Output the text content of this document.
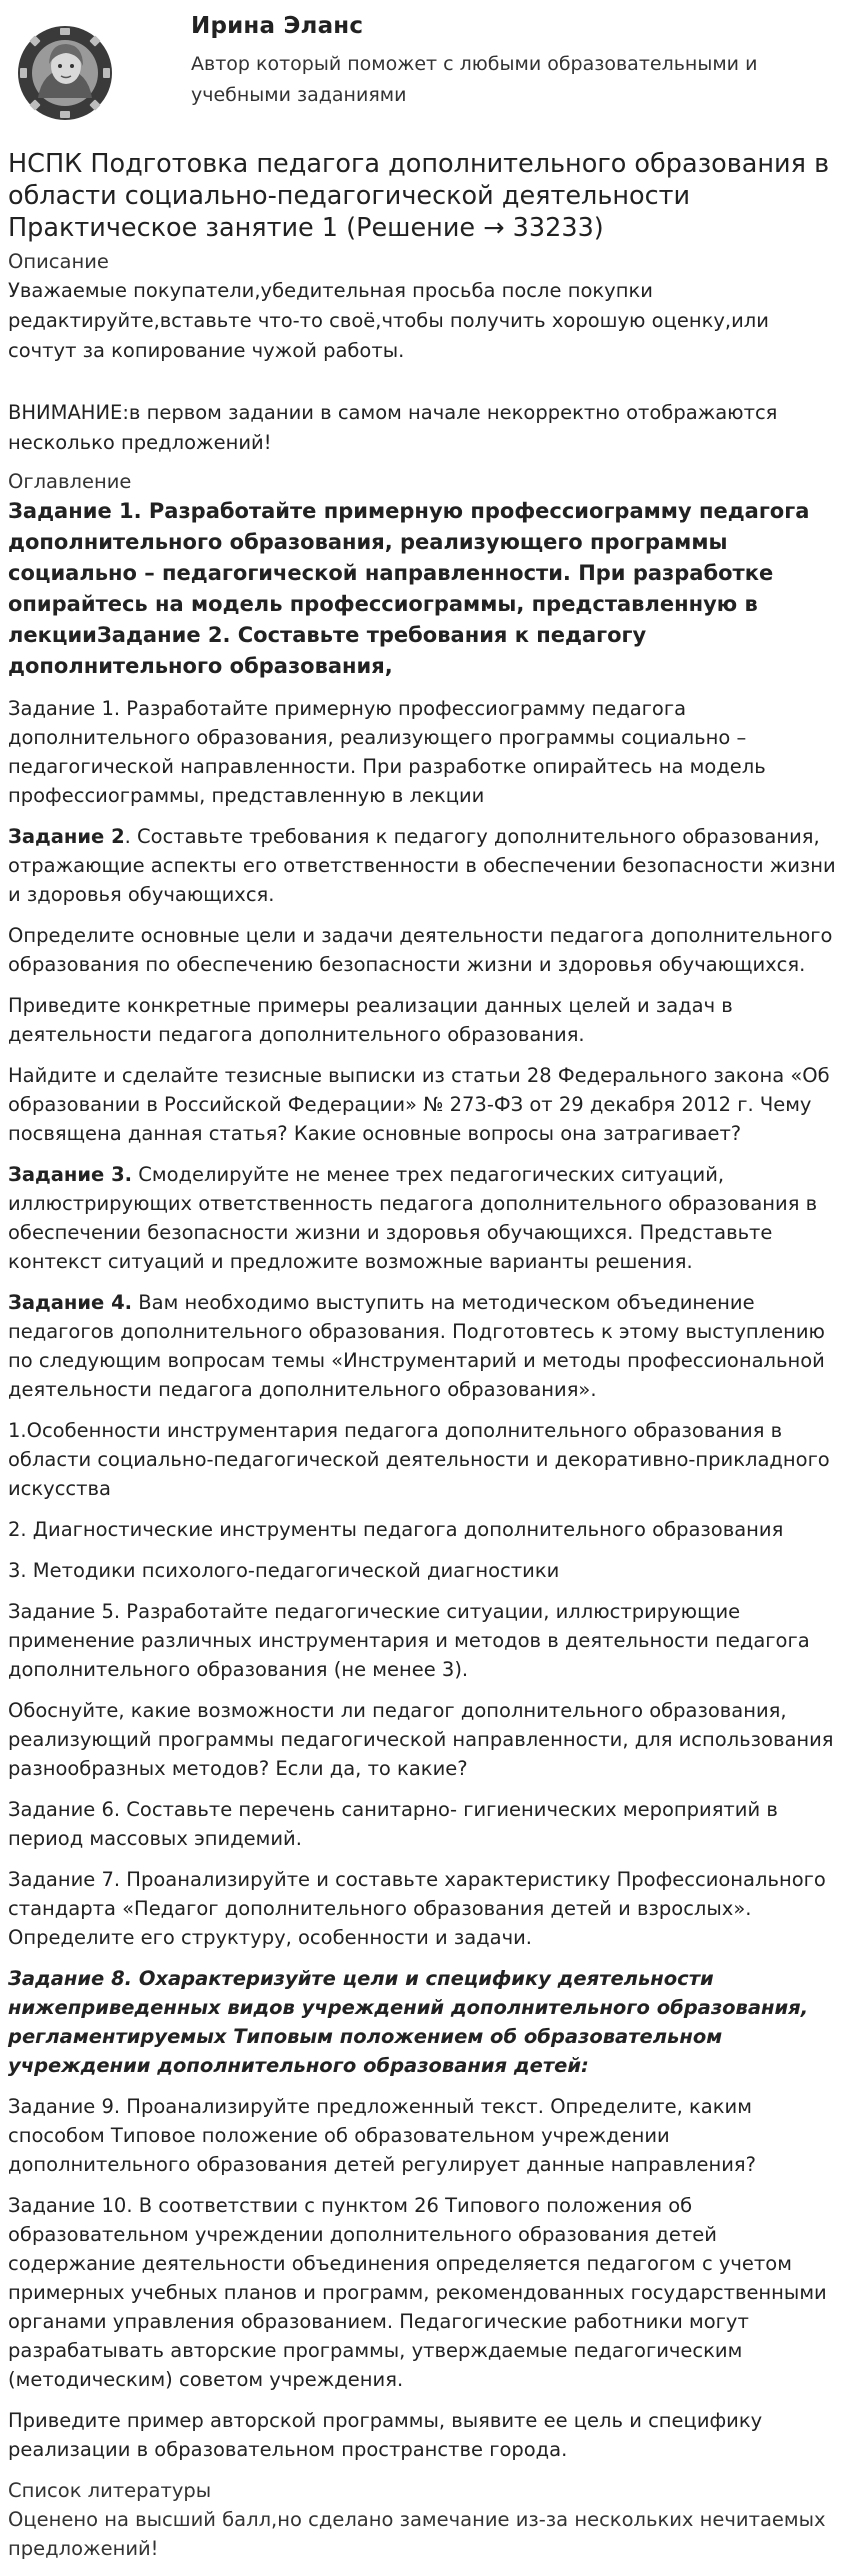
Ирина Эланс
Автор который поможет с любыми образовательными и учебными заданиями
НСПК Подготовка педагога дополнительного образования в области социально-педагогической деятельности Практическое занятие 1 (Решение → 33233)
Описание
Уважаемые покупатели,убедительная просьба после покупки редактируйте,вставьте что-то своё,чтобы получить хорошую оценку,или сочтут за копирование чужой работы.
ВНИМАНИЕ:в первом задании в самом начале некорректно отображаются несколько предложений!
Оглавление
Задание 1. Разработайте примерную профессиограмму педагога дополнительного образования, реализующего программы социально – педагогической направленности. При разработке опирайтесь на модель профессиограммы, представленную в лекцииЗадание 2. Составьте требования к педагогу дополнительного образования,

Задание 1. Разработайте примерную профессиограмму педагога дополнительного образования, реализующего программы социально – педагогической направленности. При разработке опирайтесь на модель профессиограммы, представленную в лекции

Задание 2. Составьте требования к педагогу дополнительного образования, отражающие аспекты его ответственности в обеспечении безопасности жизни и здоровья обучающихся.

Определите основные цели и задачи деятельности педагога дополнительного образования по обеспечению безопасности жизни и здоровья обучающихся.

Приведите конкретные примеры реализации данных целей и задач в деятельности педагога дополнительного образования.

Найдите и сделайте тезисные выписки из статьи 28 Федерального закона «Об образовании в Российской Федерации» № 273-ФЗ от 29 декабря 2012 г. Чему посвящена данная статья? Какие основные вопросы она затрагивает?

Задание 3. Смоделируйте не менее трех педагогических ситуаций, иллюстрирующих ответственность педагога дополнительного образования в обеспечении безопасности жизни и здоровья обучающихся. Представьте контекст ситуаций и предложите возможные варианты решения.

Задание 4. Вам необходимо выступить на методическом объединение педагогов дополнительного образования. Подготовтесь к этому выступлению по следующим вопросам темы «Инструментарий и методы профессиональной деятельности педагога дополнительного образования».

1.Особенности инструментария педагога дополнительного образования в области социально-педагогической деятельности и декоративно-прикладного искусства

2. Диагностические инструменты педагога дополнительного образования

3. Методики психолого-педагогической диагностики

Задание 5. Разработайте педагогические ситуации, иллюстрирующие применение различных инструментария и методов в деятельности педагога дополнительного образования (не менее 3).

Обоснуйте, какие возможности ли педагог дополнительного образования, реализующий программы педагогической направленности, для использования разнообразных методов? Если да, то какие?

Задание 6. Составьте перечень санитарно- гигиенических мероприятий в период массовых эпидемий.

Задание 7. Проанализируйте и составьте характеристику Профессионального стандарта «Педагог дополнительного образования детей и взрослых». Определите его структуру, особенности и задачи.

Задание 8. Охарактеризуйте цели и специфику деятельности нижеприведенных видов учреждений дополнительного образования, регламентируемых Типовым положением об образовательном учреждении дополнительного образования детей:

Задание 9. Проанализируйте предложенный текст. Определите, каким способом Типовое положение об образовательном учреждении дополнительного образования детей регулирует данные направления?

Задание 10. В соответствии с пунктом 26 Типового положения об образовательном учреждении дополнительного образования детей содержание деятельности объединения определяется педагогом с учетом примерных учебных планов и программ, рекомендованных государственными органами управления образованием. Педагогические работники могут разрабатывать авторские программы, утверждаемые педагогическим (методическим) советом учреждения.

Приведите пример авторской программы, выявите ее цель и специфику реализации в образовательном пространстве города.

Список литературы
Оценено на высший балл,но сделано замечание из-за нескольких нечитаемых предложений!
